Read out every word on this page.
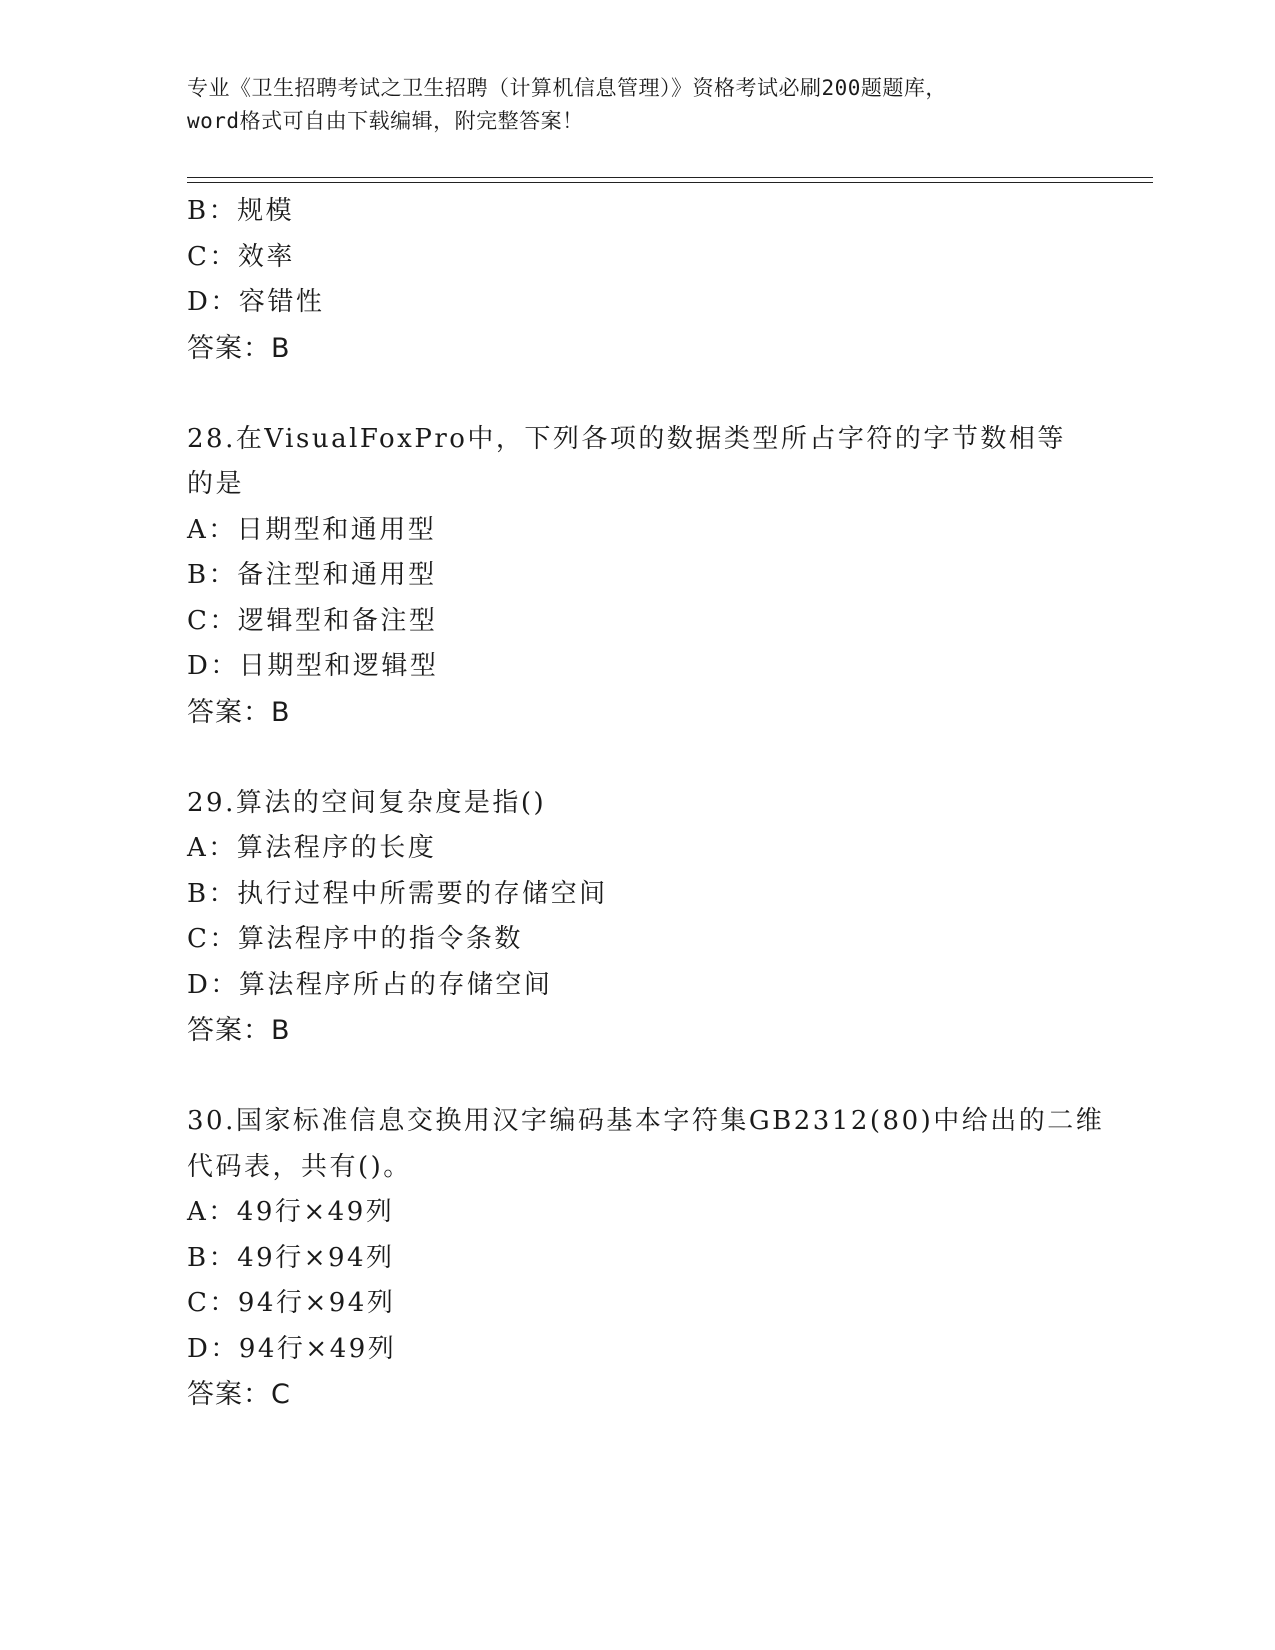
专业《卫生招聘考试之卫生招聘（计算机信息管理）》资格考试必刷200题题库，

word格式可自由下载编辑，附完整答案！

B：规模

C：效率

D：容错性

答案：B

28.在VisualFoxPro中，下列各项的数据类型所占字符的字节数相等

的是

A：日期型和通用型

B：备注型和通用型

C：逻辑型和备注型

D：日期型和逻辑型

答案：B

29.算法的空间复杂度是指()

A：算法程序的长度

B：执行过程中所需要的存储空间

C：算法程序中的指令条数

D：算法程序所占的存储空间

答案：B

30.国家标准信息交换用汉字编码基本字符集GB2312(80)中给出的二维

代码表，共有()。

A：49行×49列

B：49行×94列

C：94行×94列

D：94行×49列

答案：C
